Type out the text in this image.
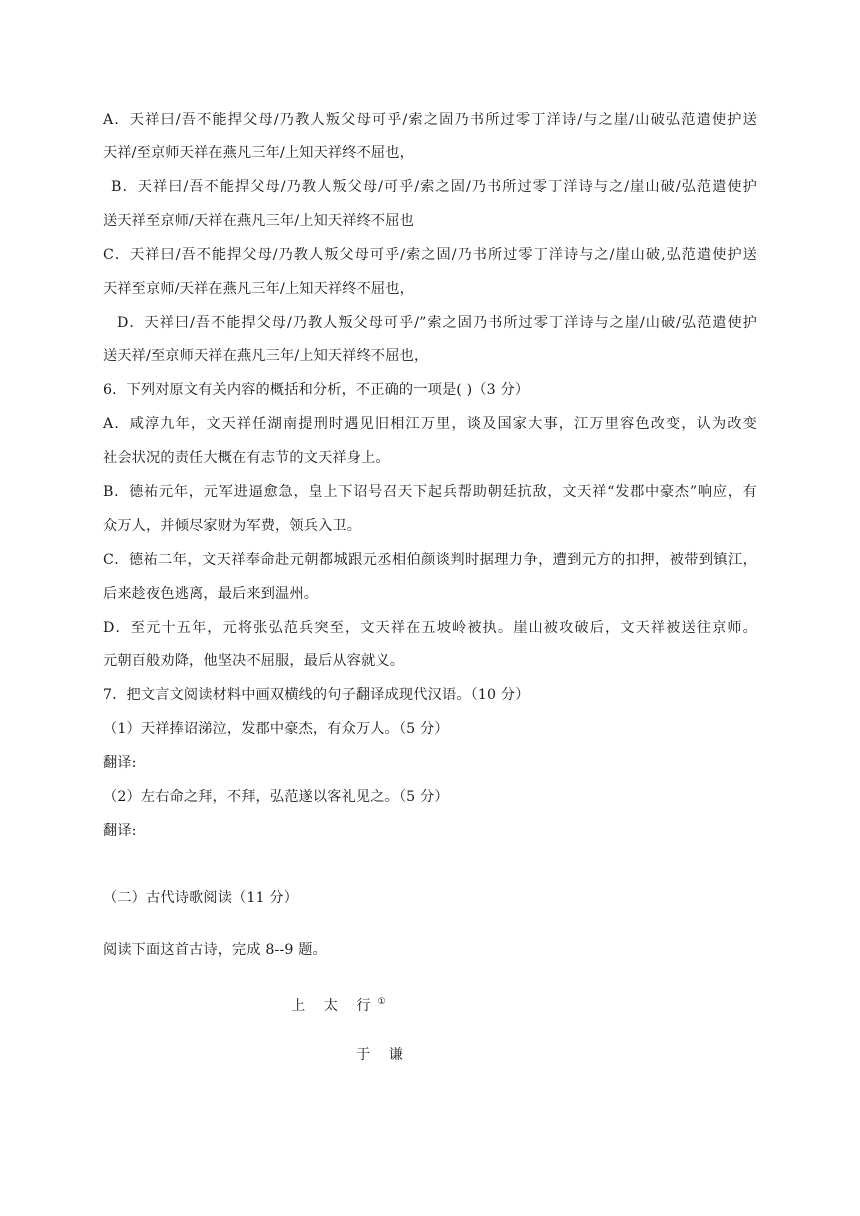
A．天祥曰/吾不能捍父母/乃教人叛父母可乎/索之固乃书所过零丁洋诗/与之崖/山破弘范遣使护送
天祥/至京师天祥在燕凡三年/上知天祥终不屈也，
B．天祥曰/吾不能捍父母/乃教人叛父母/可乎/索之固/乃书所过零丁洋诗与之/崖山破/弘范遣使护
送天祥至京师/天祥在燕凡三年/上知天祥终不屈也
C．天祥曰/吾不能捍父母/乃教人叛父母可乎/索之固/乃书所过零丁洋诗与之/崖山破,弘范遣使护送
天祥至京师/天祥在燕凡三年/上知天祥终不屈也，
D．天祥曰/吾不能捍父母/乃教人叛父母可乎/”索之固乃书所过零丁洋诗与之崖/山破/弘范遣使护
送天祥/至京师天祥在燕凡三年/上知天祥终不屈也，
6．下列对原文有关内容的概括和分析，不正确的一项是( )（3 分）
A．咸淳九年，文天祥任湖南提刑时遇见旧相江万里，谈及国家大事，江万里容色改变，认为改变
社会状况的责任大概在有志节的文天祥身上。
B．德祐元年，元军进逼愈急，皇上下诏号召天下起兵帮助朝廷抗敌，文天祥“发郡中豪杰”响应，有
众万人，并倾尽家财为军费，领兵入卫。
C．德祐二年，文天祥奉命赴元朝都城跟元丞相伯颜谈判时据理力争，遭到元方的扣押，被带到镇江，
后来趁夜色逃离，最后来到温州。
D．至元十五年，元将张弘范兵突至，文天祥在五坡岭被执。崖山被攻破后，文天祥被送往京师。
元朝百般劝降，他坚决不屈服，最后从容就义。
7．把文言文阅读材料中画双横线的句子翻译成现代汉语。（10 分）
（1）天祥捧诏涕泣，发郡中豪杰，有众万人。（5 分）
翻译:
（2）左右命之拜，不拜，弘范遂以客礼见之。（5 分）
翻译:
（二）古代诗歌阅读（11 分）
阅读下面这首古诗，完成 8--9 题。
上 太 行①
于 谦
